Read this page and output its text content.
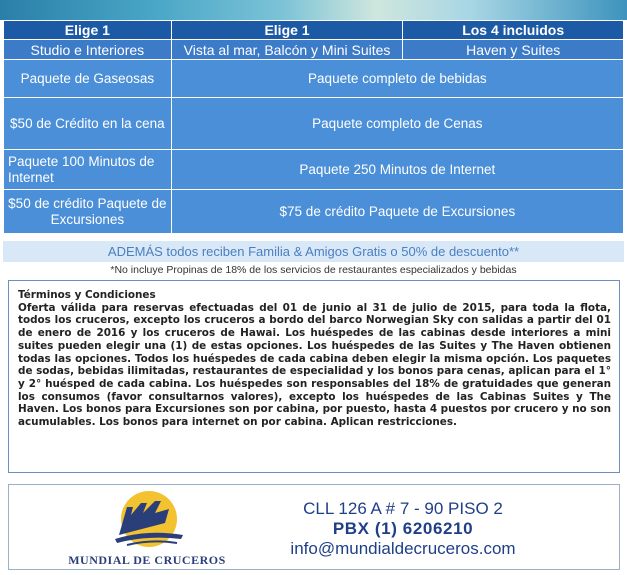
Elige 1	Elige 1	Los 4 incluidos
Studio e Interiores	Vista al mar, Balcón y Mini Suites	Haven y Suites
Paquete de Gaseosas	Paquete completo de bebidas	
$50 de Crédito en la cena	Paquete completo de Cenas	
Paquete 100 Minutos de Internet	Paquete 250 Minutos de Internet	
$50 de crédito Paquete de Excursiones	$75 de crédito Paquete de Excursiones	
ADEMÁS todos reciben Familia & Amigos Gratis o 50% de descuento**
*No incluye Propinas de 18% de los servicios de restaurantes especializados y bebidas
Términos y Condiciones
Oferta válida para reservas efectuadas del 01 de junio al 31 de julio de 2015, para toda la flota, todos los cruceros, excepto los cruceros a bordo del barco Norwegian Sky con salidas a partir del 01 de enero de 2016 y los cruceros de Hawai. Los huéspedes de las cabinas desde interiores a mini suites pueden elegir una (1) de estas opciones. Los huéspedes de las Suites y The Haven obtienen todas las opciones. Todos los huéspedes de cada cabina deben elegir la misma opción. Los paquetes de sodas, bebidas ilimitadas, restaurantes de especialidad y los bonos para cenas, aplican para el 1° y 2° huésped de cada cabina. Los huéspedes son responsables del 18% de gratuidades que generan los consumos (favor consultarnos valores), excepto los huéspedes de las Cabinas Suites y The Haven. Los bonos para Excursiones son por cabina, por puesto, hasta 4 puestos por crucero y no son acumulables. Los bonos para internet on por cabina. Aplican restricciones.
MUNDIAL DE CRUCEROS
CLL 126 A # 7 - 90 PISO 2
PBX (1) 6206210
info@mundialdecruceros.com
